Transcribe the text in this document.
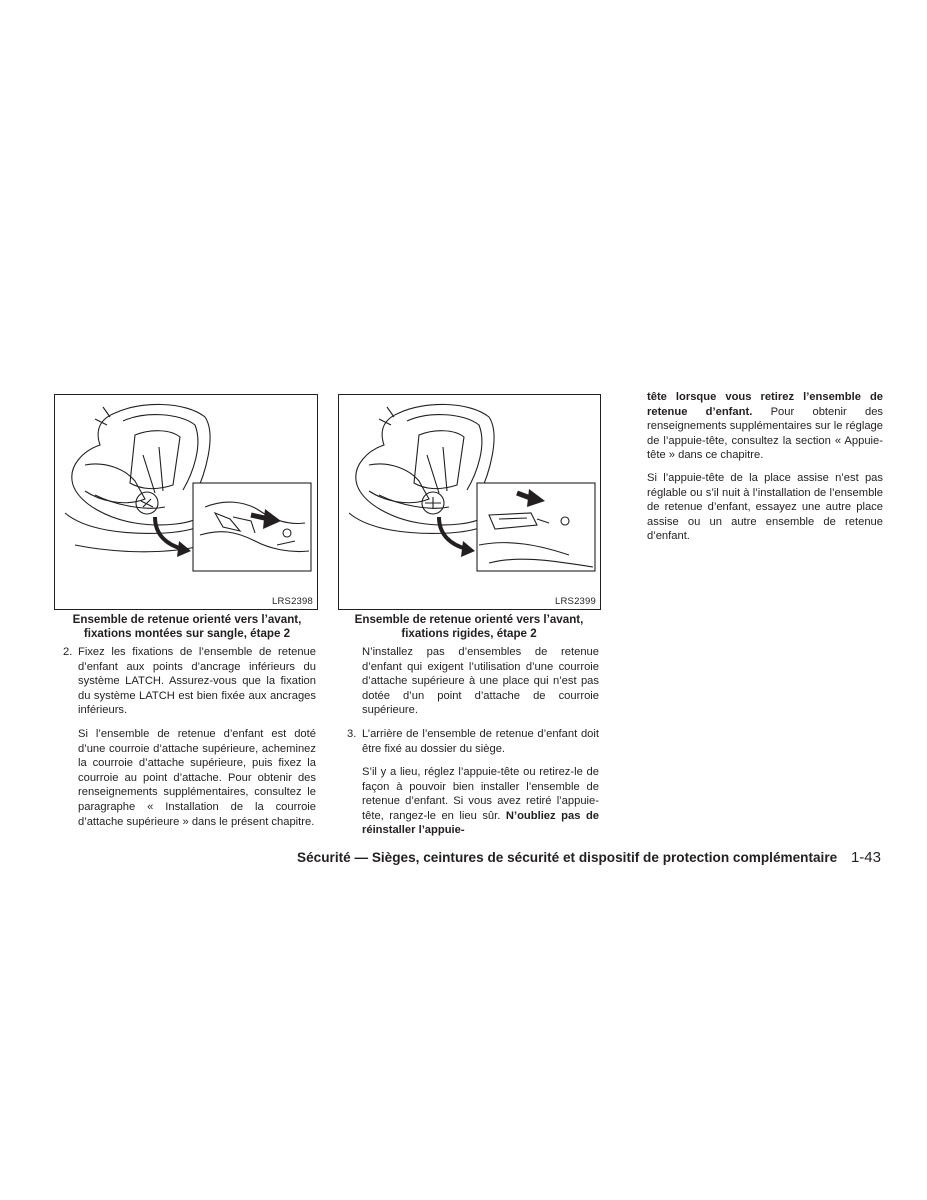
LRS2398
Ensemble de retenue orienté vers l’avant,
fixations montées sur sangle, étape 2
LRS2399
Ensemble de retenue orienté vers l’avant,
fixations rigides, étape 2
2. Fixez les fixations de l’ensemble de retenue d’enfant aux points d’ancrage inférieurs du système LATCH. Assurez-vous que la fixation du système LATCH est bien fixée aux ancrages inférieurs.

Si l’ensemble de retenue d’enfant est doté d’une courroie d’attache supérieure, acheminez la courroie d’attache supérieure, puis fixez la courroie au point d’attache. Pour obtenir des renseignements supplémentaires, consultez le paragraphe « Installation de la courroie d’attache supérieure » dans le présent chapitre.

N’installez pas d’ensembles de retenue d’enfant qui exigent l’utilisation d’une courroie d’attache supérieure à une place qui n’est pas dotée d’un point d’attache de courroie supérieure.

3. L’arrière de l’ensemble de retenue d’enfant doit être fixé au dossier du siège.

S’il y a lieu, réglez l’appuie-tête ou retirez-le de façon à pouvoir bien installer l’ensemble de retenue d’enfant. Si vous avez retiré l’appuie-tête, rangez-le en lieu sûr. N’oubliez pas de réinstaller l’appuie-

tête lorsque vous retirez l’ensemble de retenue d’enfant. Pour obtenir des renseignements supplémentaires sur le réglage de l’appuie-tête, consultez la section « Appuie-tête » dans ce chapitre.

Si l’appuie-tête de la place assise n’est pas réglable ou s’il nuit à l’installation de l’ensemble de retenue d’enfant, essayez une autre place assise ou un autre ensemble de retenue d’enfant.

Sécurité — Sièges, ceintures de sécurité et dispositif de protection complémentaire 1-43
